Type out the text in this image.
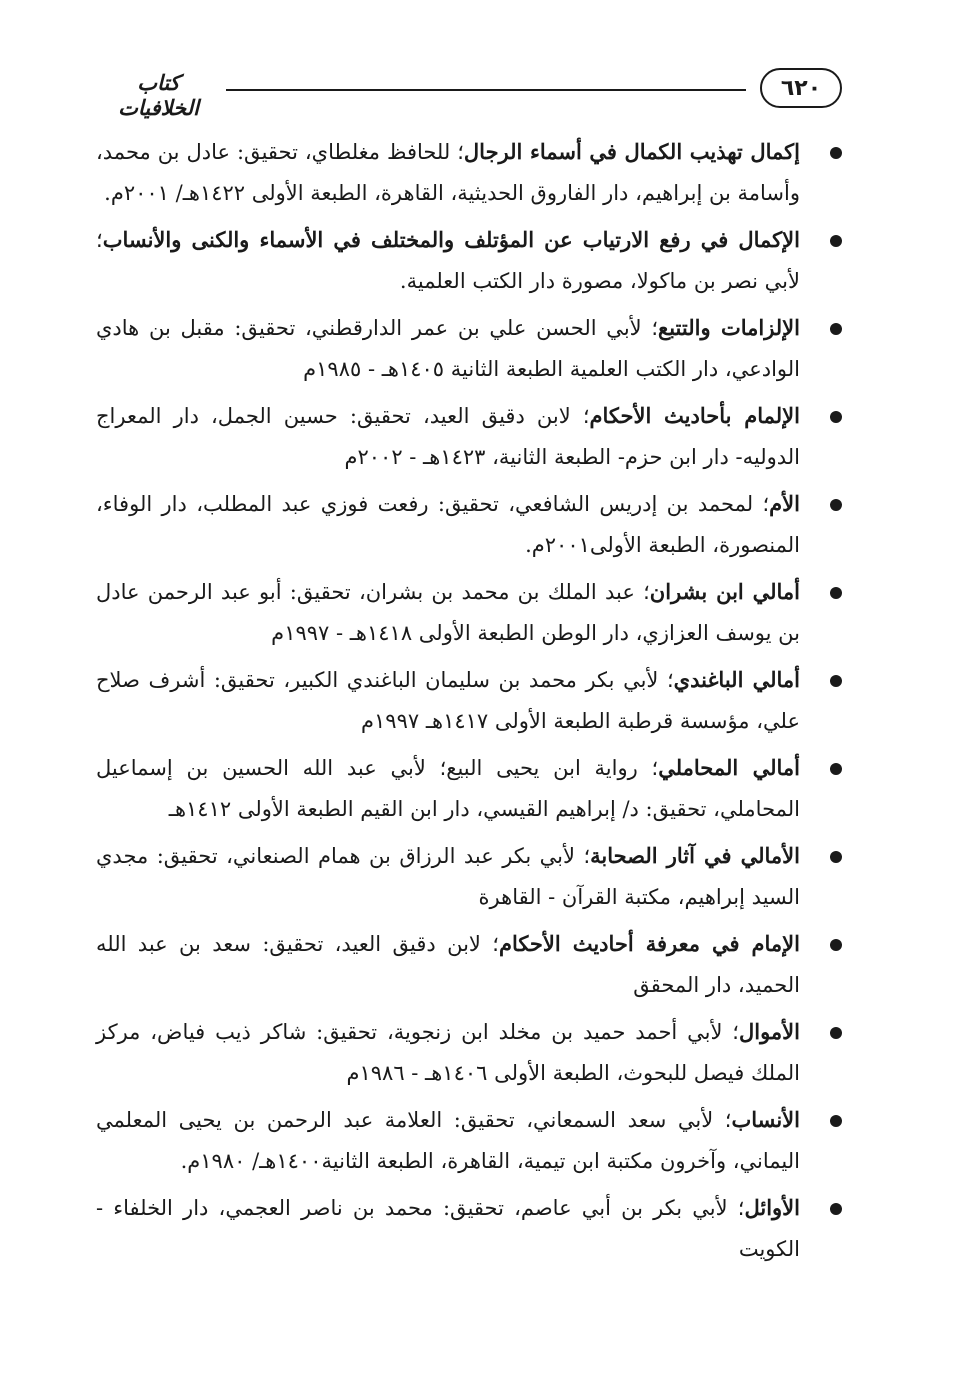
٦٢٠
كتاب الخلافيات
إكمال تهذيب الكمال في أسماء الرجال؛ للحافظ مغلطاي، تحقيق: عادل بن محمد، وأسامة بن إبراهيم، دار الفاروق الحديثية، القاهرة، الطبعة الأولى ١٤٢٢هـ/ ٢٠٠١م.
الإكمال في رفع الارتياب عن المؤتلف والمختلف في الأسماء والكنى والأنساب؛ لأبي نصر بن ماكولا، مصورة دار الكتب العلمية.
الإلزامات والتتبع؛ لأبي الحسن علي بن عمر الدارقطني، تحقيق: مقبل بن هادي الوادعي، دار الكتب العلمية الطبعة الثانية ١٤٠٥هـ - ١٩٨٥م
الإلمام بأحاديث الأحكام؛ لابن دقيق العيد، تحقيق: حسين الجمل، دار المعراج الدوليه- دار ابن حزم- الطبعة الثانية، ١٤٢٣هـ - ٢٠٠٢م
الأم؛ لمحمد بن إدريس الشافعي، تحقيق: رفعت فوزي عبد المطلب، دار الوفاء، المنصورة، الطبعة الأولى٢٠٠١م.
أمالي ابن بشران؛ عبد الملك بن محمد بن بشران، تحقيق: أبو عبد الرحمن عادل بن يوسف العزازي، دار الوطن الطبعة الأولى ١٤١٨هـ - ١٩٩٧م
أمالي الباغندي؛ لأبي بكر محمد بن سليمان الباغندي الكبير، تحقيق: أشرف صلاح علي، مؤسسة قرطبة الطبعة الأولى ١٤١٧هـ ١٩٩٧م
أمالي المحاملي؛ رواية ابن يحيى البيع؛ لأبي عبد الله الحسين بن إسماعيل المحاملي، تحقيق: د/ إبراهيم القيسي، دار ابن القيم الطبعة الأولى ١٤١٢هـ
الأمالي في آثار الصحابة؛ لأبي بكر عبد الرزاق بن همام الصنعاني، تحقيق: مجدي السيد إبراهيم، مكتبة القرآن - القاهرة
الإمام في معرفة أحاديث الأحكام؛ لابن دقيق العيد، تحقيق: سعد بن عبد الله الحميد، دار المحقق
الأموال؛ لأبي أحمد حميد بن مخلد ابن زنجوية، تحقيق: شاكر ذيب فياض، مركز الملك فيصل للبحوث، الطبعة الأولى ١٤٠٦هـ - ١٩٨٦م
الأنساب؛ لأبي سعد السمعاني، تحقيق: العلامة عبد الرحمن بن يحيى المعلمي اليماني، وآخرون مكتبة ابن تيمية، القاهرة، الطبعة الثانية١٤٠٠هـ/ ١٩٨٠م.
الأوائل؛ لأبي بكر بن أبي عاصم، تحقيق: محمد بن ناصر العجمي، دار الخلفاء - الكويت
